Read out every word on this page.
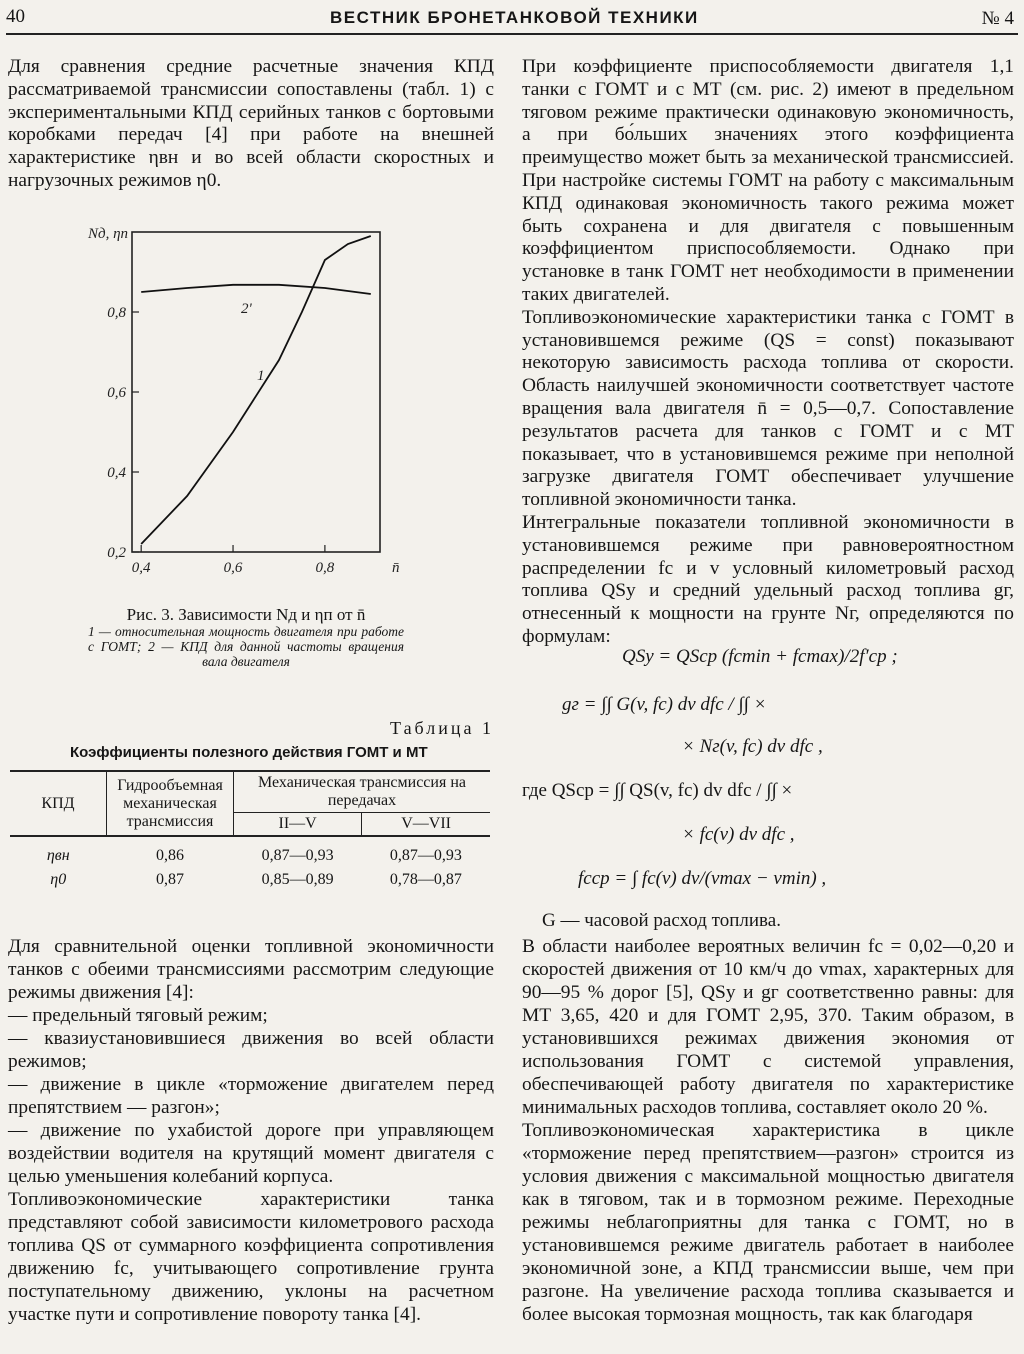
40	ВЕСТНИК БРОНЕТАНКОВОЙ ТЕХНИКИ	№ 4

Для сравнения средние расчетные значения КПД рассматриваемой трансмиссии сопоставлены (табл. 1) с экспериментальными КПД серийных танков с бортовыми коробками передач [4] при работе на внешней характеристике ηвн и во всей области скоростных и нагрузочных режимов η0.

0,4	0,6	0,8
0,2
0,4
0,6
0,8
Nд, ηп
n̄
1
2'
Рис. 3. Зависимости Nд и ηп от n̄
1 — относительная мощность двигателя при работе с ГОМТ; 2 — КПД для данной частоты вращения вала двигателя
Таблица 1
Коэффициенты полезного действия ГОМТ и МТ
КПД	Гидрообъемная механическая трансмиссия	Механическая трансмиссия на передачах	
		II—V	V—VII
ηвн	0,86	0,87—0,93	0,87—0,93
η0	0,87	0,85—0,89	0,78—0,87

Для сравнительной оценки топливной экономичности танков с обеими трансмиссиями рассмотрим следующие режимы движения [4]:

— предельный тяговый режим;
— квазиустановившиеся движения во всей области режимов;
— движение в цикле «торможение двигателем перед препятствием — разгон»;
— движение по ухабистой дороге при управляющем воздействии водителя на крутящий момент двигателя с целью уменьшения колебаний корпуса.

Топливоэкономические характеристики танка представляют собой зависимости километрового расхода топлива QS от суммарного коэффициента сопротивления движению fc, учитывающего сопротивление грунта поступательному движению, уклоны на расчетном участке пути и сопротивление повороту танка [4].

При коэффициенте приспособляемости двигателя 1,1 танки с ГОМТ и с МТ (см. рис. 2) имеют в предельном тяговом режиме практически одинаковую экономичность, а при бо́льших значениях этого коэффициента преимущество может быть за механической трансмиссией. При настройке системы ГОМТ на работу с максимальным КПД одинаковая экономичность такого режима может быть сохранена и для двигателя с повышенным коэффициентом приспособляемости. Однако при установке в танк ГОМТ нет необходимости в применении таких двигателей.

Топливоэкономические характеристики танка с ГОМТ в установившемся режиме (QS = const) показывают некоторую зависимость расхода топлива от скорости. Область наилучшей экономичности соответствует частоте вращения вала двигателя n̄ = 0,5—0,7. Сопоставление результатов расчета для танков с ГОМТ и с МТ показывает, что в установившемся режиме при неполной загрузке двигателя ГОМТ обеспечивает улучшение топливной экономичности танка.

Интегральные показатели топливной экономичности в установившемся режиме при равновероятностном распределении fc и v условный километровый расход топлива QSy и средний удельный расход топлива gг, отнесенный к мощности на грунте Nг, определяются по формулам:

QSy = QScp (fcmin + fcmax)/2f′cp ;
gг = ∫∫ G(v, fc) dv dfc / ∫∫ ×
× Nг(v, fc) dv dfc ,
где QScp = ∫∫ QS(v, fc) dv dfc / ∫∫ ×
× fc(v) dv dfc ,
fccp = ∫ fc(v) dv/(vmax − vmin) ,
G — часовой расход топлива.

В области наиболее вероятных величин fc = 0,02—0,20 и скоростей движения от 10 км/ч до vmax, характерных для 90—95 % дорог [5], QSy и gг соответственно равны: для МТ 3,65, 420 и для ГОМТ 2,95, 370. Таким образом, в установившихся режимах движения экономия от использования ГОМТ с системой управления, обеспечивающей работу двигателя по характеристике минимальных расходов топлива, составляет около 20 %.

Топливоэкономическая характеристика в цикле «торможение перед препятствием—разгон» строится из условия движения с максимальной мощностью двигателя как в тяговом, так и в тормозном режиме. Переходные режимы неблагоприятны для танка с ГОМТ, но в установившемся режиме двигатель работает в наиболее экономичной зоне, а КПД трансмиссии выше, чем при разгоне. На увеличение расхода топлива сказывается и более высокая тормозная мощность, так как благодаря
